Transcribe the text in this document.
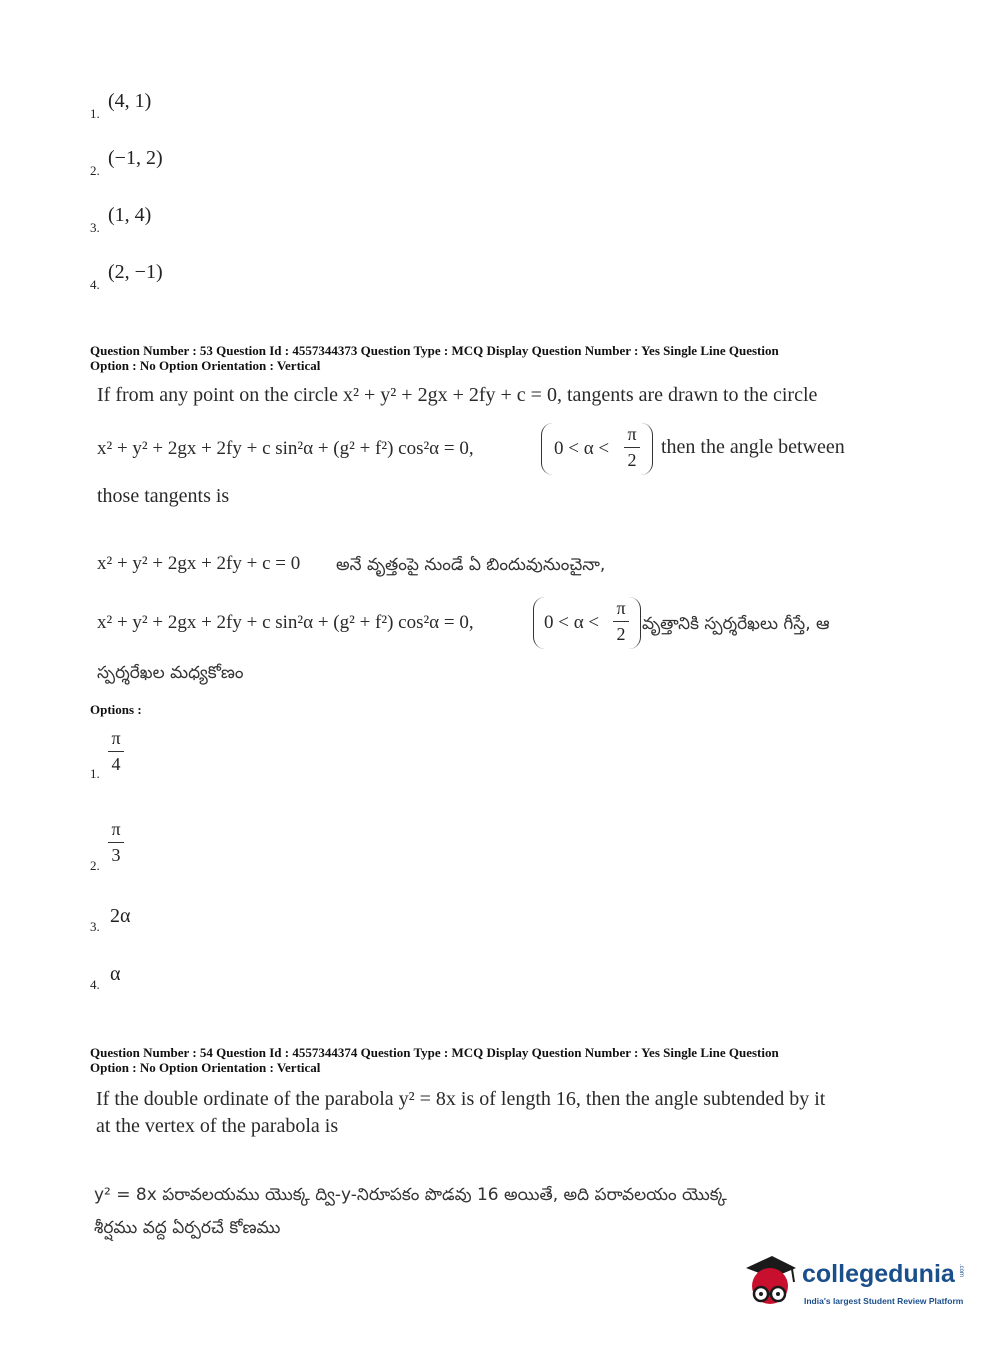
1.
(4, 1)
2.
(−1, 2)
3.
(1, 4)
4.
(2, −1)
Question Number : 53 Question Id : 4557344373 Question Type : MCQ Display Question Number : Yes Single Line Question
Option : No Option Orientation : Vertical
If from any point on the circle x² + y² + 2gx + 2fy + c = 0, tangents are drawn to the circle
x² + y² + 2gx + 2fy + c sin²α + (g² + f²) cos²α = 0,	0 < α <
π
2
then the angle between
those tangents is
x² + y² + 2gx + 2fy + c = 0 అనే వృత్తంపై నుండే ఏ బిందువునుంచైనా,
x² + y² + 2gx + 2fy + c sin²α + (g² + f²) cos²α = 0,	0 < α <
π
2 వృత్తానికి స్పర్శరేఖలు గీస్తే, ఆ
స్పర్శరేఖల మధ్యకోణం
Options :
1.
π
4
2.
π
3
3. 2α
4. α
Question Number : 54 Question Id : 4557344374 Question Type : MCQ Display Question Number : Yes Single Line Question
Option : No Option Orientation : Vertical
If the double ordinate of the parabola y² = 8x is of length 16, then the angle subtended by it
at the vertex of the parabola is
y² = 8x పరావలయము యొక్క ద్వి-y-నిరూపకం పొడవు 16 అయితే, అది పరావలయం యొక్క
శీర్షము వద్ద ఏర్పరచే కోణము
collegedunia .com
India's largest Student Review Platform
